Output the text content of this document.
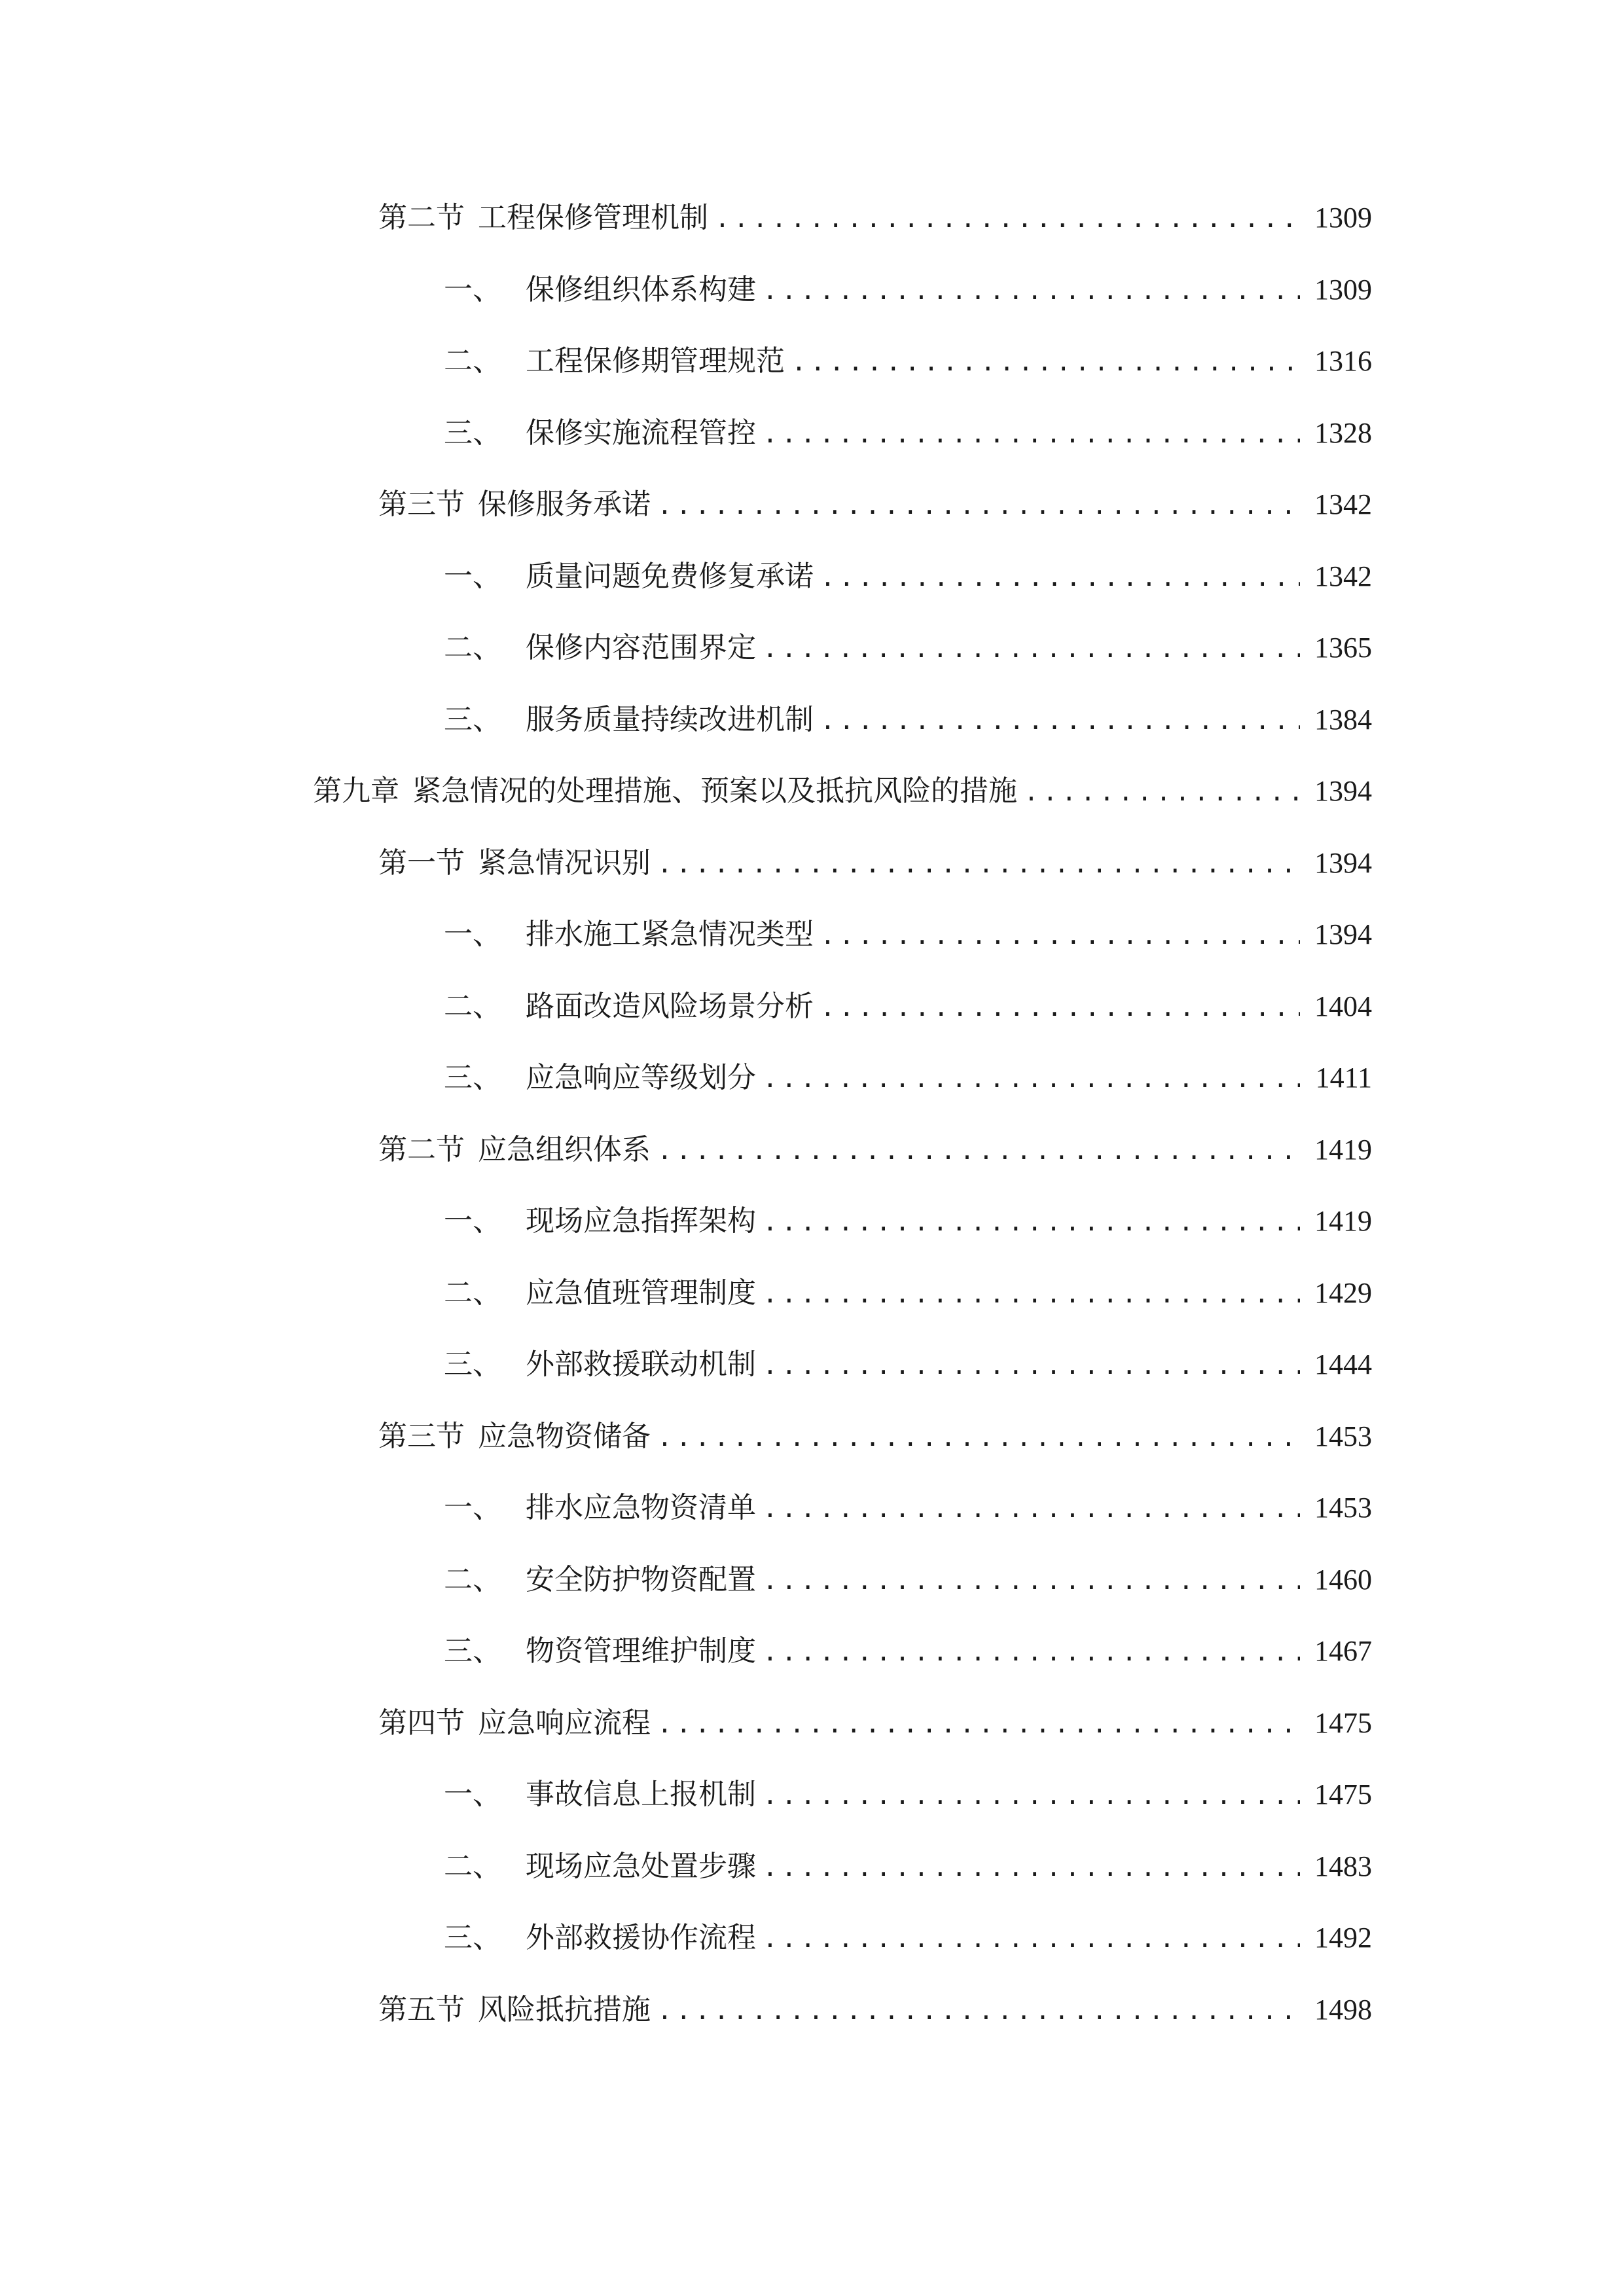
第二节 工程保修管理机制 .....	1309
一、 保修组织体系构建 .....	1309
二、 工程保修期管理规范 .....	1316
三、 保修实施流程管控 .....	1328
第三节 保修服务承诺 .....	1342
一、 质量问题免费修复承诺 .....	1342
二、 保修内容范围界定 .....	1365
三、 服务质量持续改进机制 .....	1384
第九章 紧急情况的处理措施、预案以及抵抗风险的措施 .....	1394
第一节 紧急情况识别 .....	1394
一、 排水施工紧急情况类型 .....	1394
二、 路面改造风险场景分析 .....	1404
三、 应急响应等级划分 .....	1411
第二节 应急组织体系 .....	1419
一、 现场应急指挥架构 .....	1419
二、 应急值班管理制度 .....	1429
三、 外部救援联动机制 .....	1444
第三节 应急物资储备 .....	1453
一、 排水应急物资清单 .....	1453
二、 安全防护物资配置 .....	1460
三、 物资管理维护制度 .....	1467
第四节 应急响应流程 .....	1475
一、 事故信息上报机制 .....	1475
二、 现场应急处置步骤 .....	1483
三、 外部救援协作流程 .....	1492
第五节 风险抵抗措施 .....	1498
